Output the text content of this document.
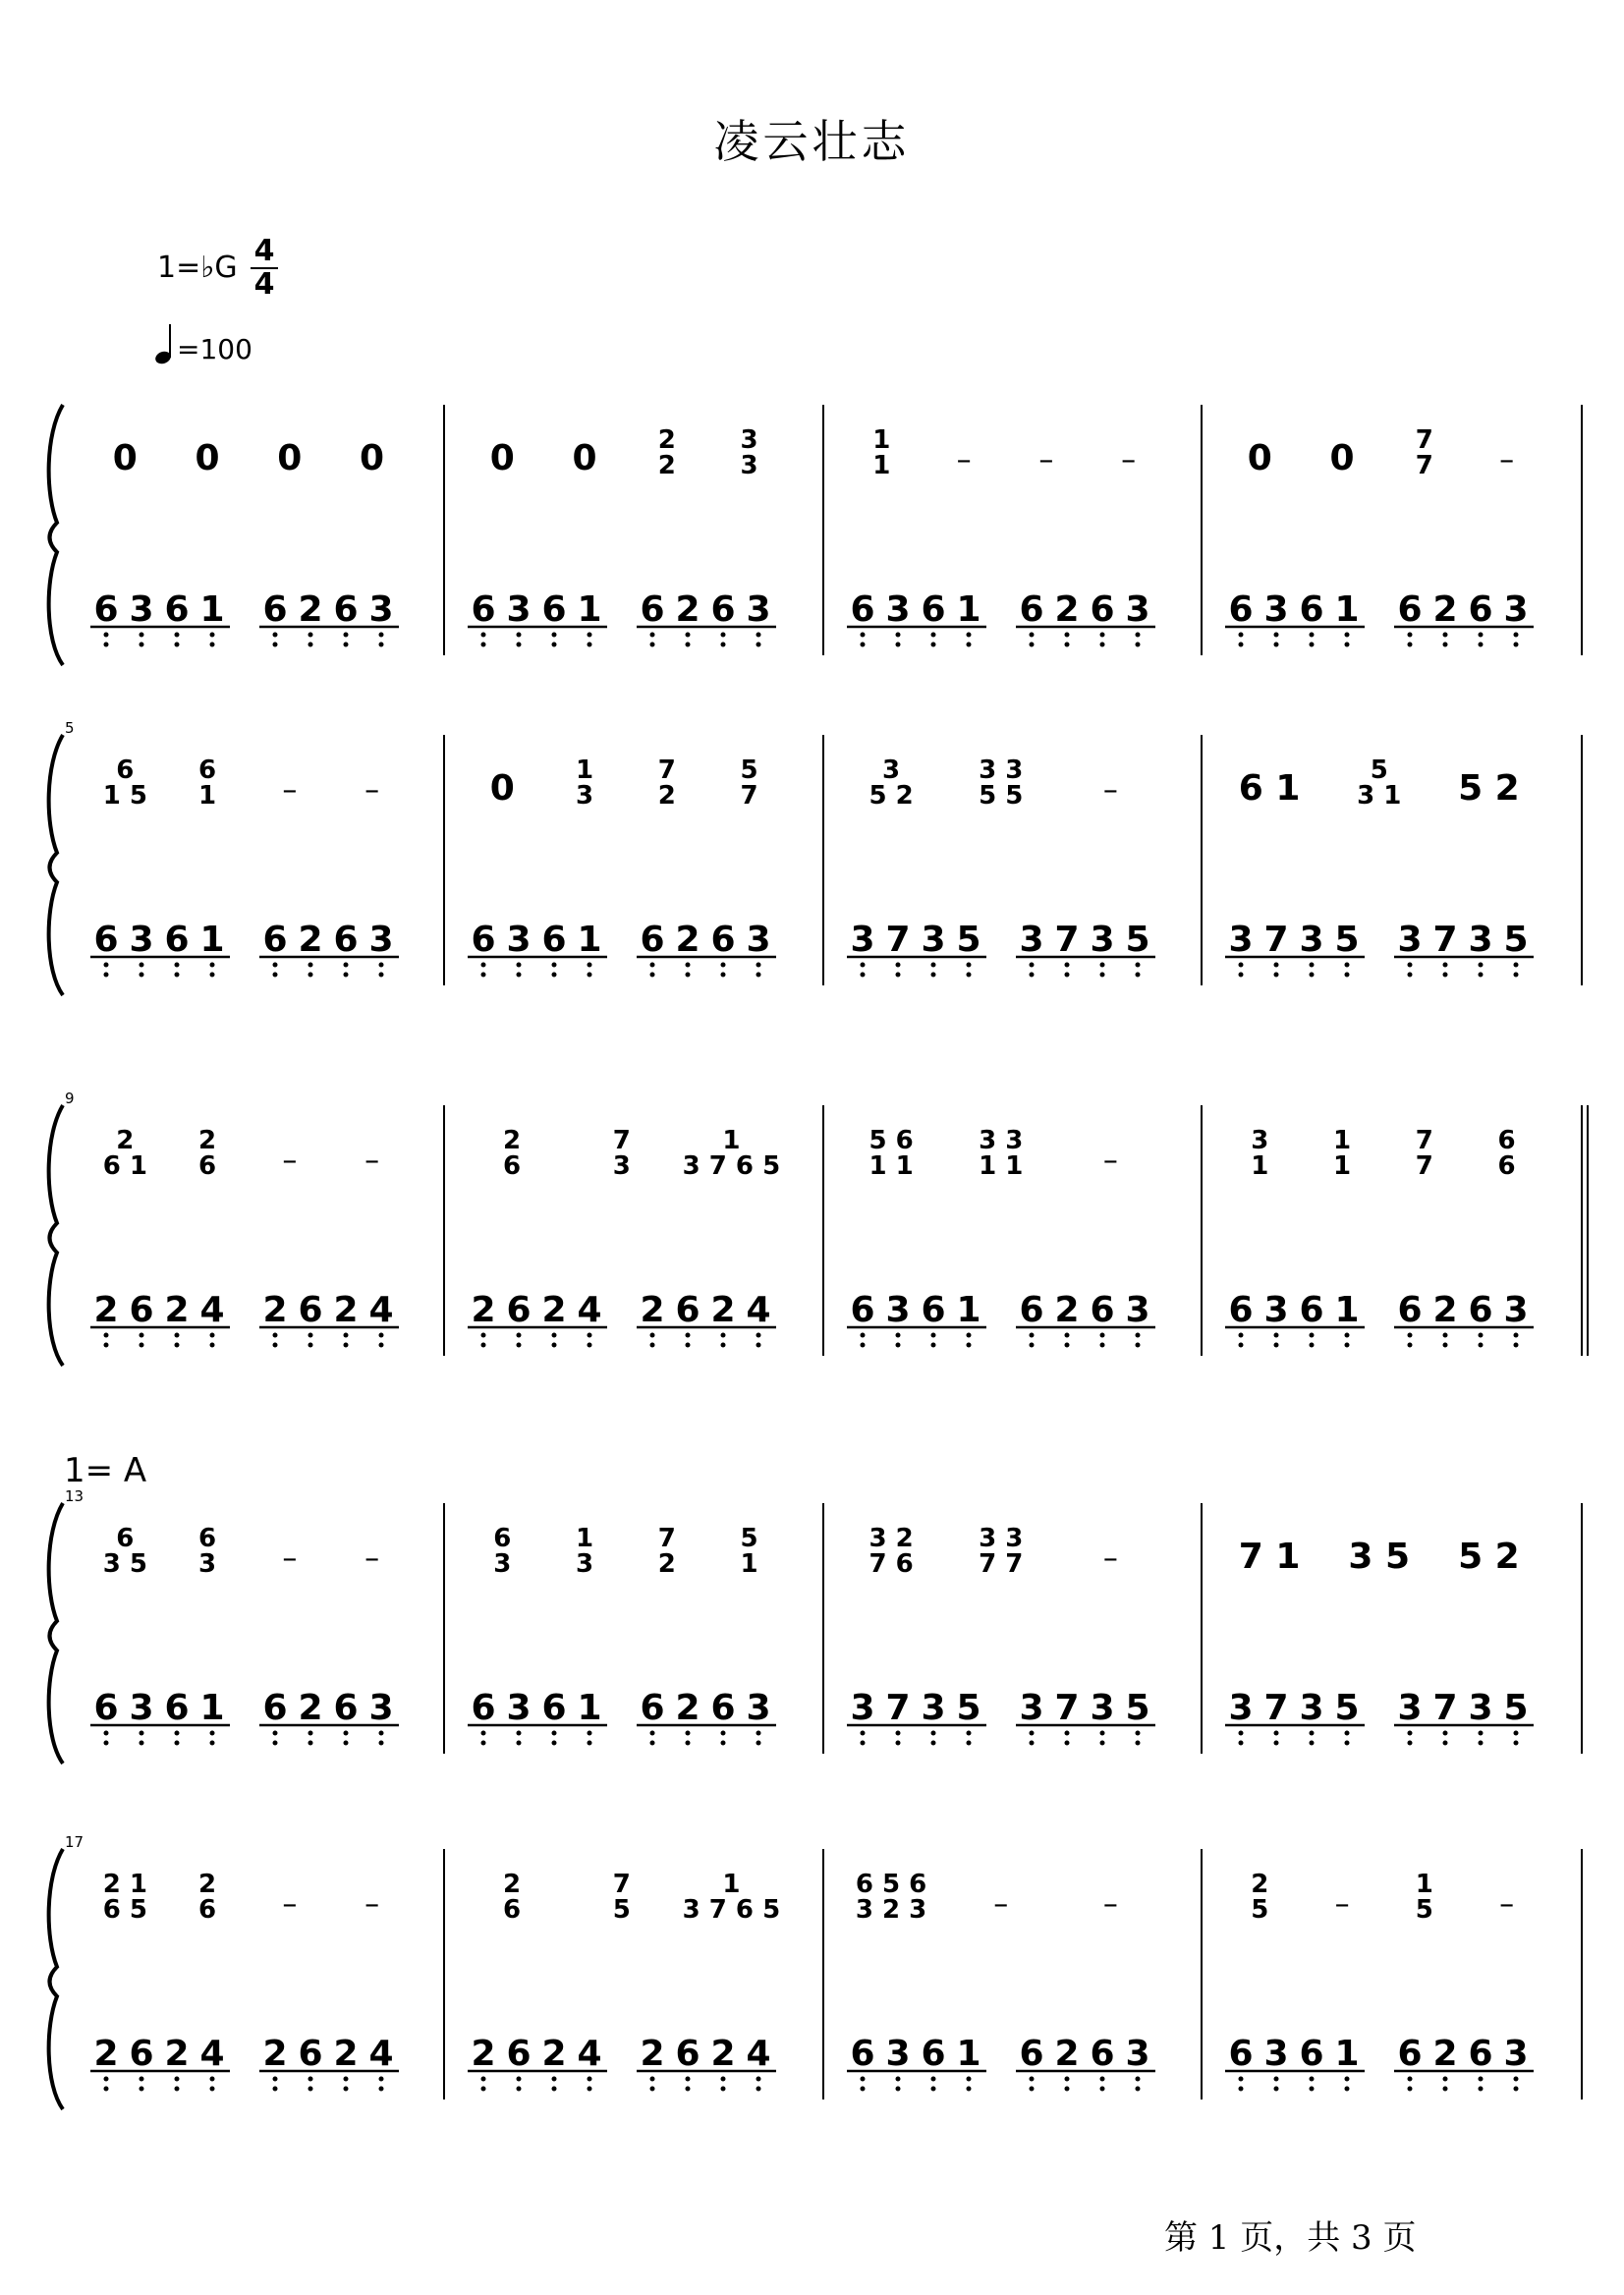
凌云壮志
1=♭G 4
4
=100
0 0 0 0
6 3 6 1 6 2 6 3
0 0 2
2
3
3
6 3 6 1 6 2 6 3
1
1 – – –
6 3 6 1 6 2 6 3
0 0 7
7 –
6 3 6 1 6 2 6 3
5
6
1 5
6
1 – –
6 3 6 1 6 2 6 3
0 1
3
7
2
5
7
6 3 6 1 6 2 6 3
3
5 2
3 3
5 5	–
3 7 3 5 3 7 3 5
6 1	5
3 1 5 2
3 7 3 5 3 7 3 5
9
2
6 1
2
6 – –
2 6 2 4 2 6 2 4
2
6
7
3
1
3 7 6 5
2 6 2 4 2 6 2 4
5 6
1 1
3 3
1 1	–
6 3 6 1 6 2 6 3
3
1
1
1
7
7
6
6
6 3 6 1 6 2 6 3
13
1= A
6
3 5
6
3 – –
6 3 6 1 6 2 6 3
6
3
1
3
7
2
5
1
6 3 6 1 6 2 6 3
3 2
7 6
3 3
7 7	–
3 7 3 5 3 7 3 5
7 1 3 5 5 2
3 7 3 5 3 7 3 5
17
2 1
6 5
2
6 – –
2 6 2 4 2 6 2 4
2
6
7
5
1
3 7 6 5
2 6 2 4 2 6 2 4
6 5 6
3 2 3 –	–
6 3 6 1 6 2 6 3
2
5 –
1
5 –
6 3 6 1 6 2 6 3
第 1 页，共 3 页
